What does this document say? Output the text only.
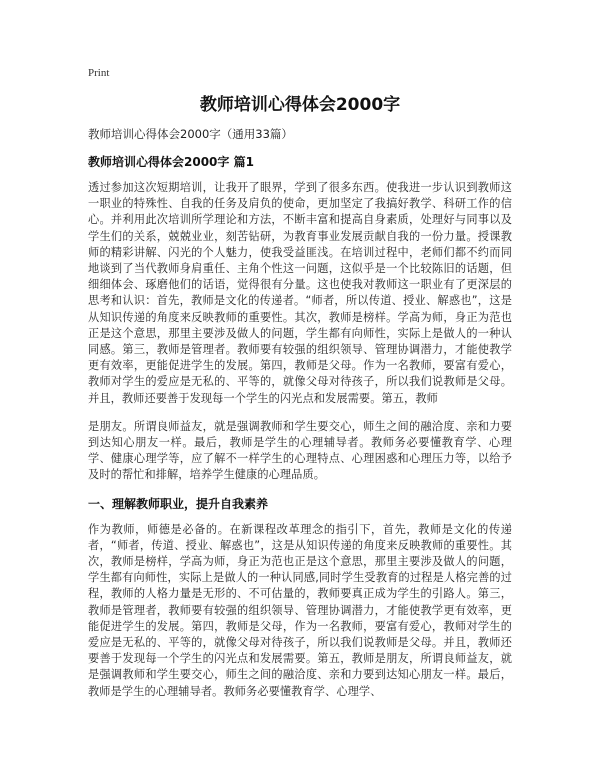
Print
教师培训心得体会2000字
教师培训心得体会2000字（通用33篇）
教师培训心得体会2000字 篇1

透过参加这次短期培训，让我开了眼界，学到了很多东西。使我进一步认识到教师这一职业的特殊性、自我的任务及肩负的使命，更加坚定了我搞好教学、科研工作的信心。并利用此次培训所学理论和方法，不断丰富和提高自身素质，处理好与同事以及学生们的关系，兢兢业业，刻苦钻研，为教育事业发展贡献自我的一份力量。授课教师的精彩讲解、闪光的个人魅力，使我受益匪浅。在培训过程中，老师们都不约而同地谈到了当代教师身肩重任、主角个性这一问题，这似乎是一个比较陈旧的话题，但细细体会、琢磨他们的话语，觉得很有分量。这也使我对教师这一职业有了更深层的思考和认识：首先，教师是文化的传递者。“师者，所以传道、授业、解惑也”，这是从知识传递的角度来反映教师的重要性。其次，教师是榜样。学高为师，身正为范也正是这个意思，那里主要涉及做人的问题，学生都有向师性，实际上是做人的一种认同感。第三，教师是管理者。教师要有较强的组织领导、管理协调潜力，才能使教学更有效率，更能促进学生的发展。第四，教师是父母。作为一名教师，要富有爱心，教师对学生的爱应是无私的、平等的，就像父母对待孩子，所以我们说教师是父母。并且，教师还要善于发现每一个学生的闪光点和发展需要。第五，教师

是朋友。所谓良师益友，就是强调教师和学生要交心，师生之间的融洽度、亲和力要到达知心朋友一样。最后，教师是学生的心理辅导者。教师务必要懂教育学、心理学、健康心理学等，应了解不一样学生的心理特点、心理困惑和心理压力等，以给予及时的帮忙和排解，培养学生健康的心理品质。

一、理解教师职业，提升自我素养

作为教师，师德是必备的。在新课程改革理念的指引下，首先，教师是文化的传递者，“师者，传道、授业、解惑也”，这是从知识传递的角度来反映教师的重要性。其次，教师是榜样，学高为师，身正为范也正是这个意思，那里主要涉及做人的问题，学生都有向师性，实际上是做人的一种认同感,同时学生受教育的过程是人格完善的过程，教师的人格力量是无形的、不可估量的，教师要真正成为学生的引路人。第三，教师是管理者，教师要有较强的组织领导、管理协调潜力，才能使教学更有效率，更能促进学生的发展。第四，教师是父母，作为一名教师，要富有爱心，教师对学生的爱应是无私的、平等的，就像父母对待孩子，所以我们说教师是父母。并且，教师还要善于发现每一个学生的闪光点和发展需要。第五，教师是朋友，所谓良师益友，就是强调教师和学生要交心，师生之间的融洽度、亲和力要到达知心朋友一样。最后，教师是学生的心理辅导者。教师务必要懂教育学、心理学、
